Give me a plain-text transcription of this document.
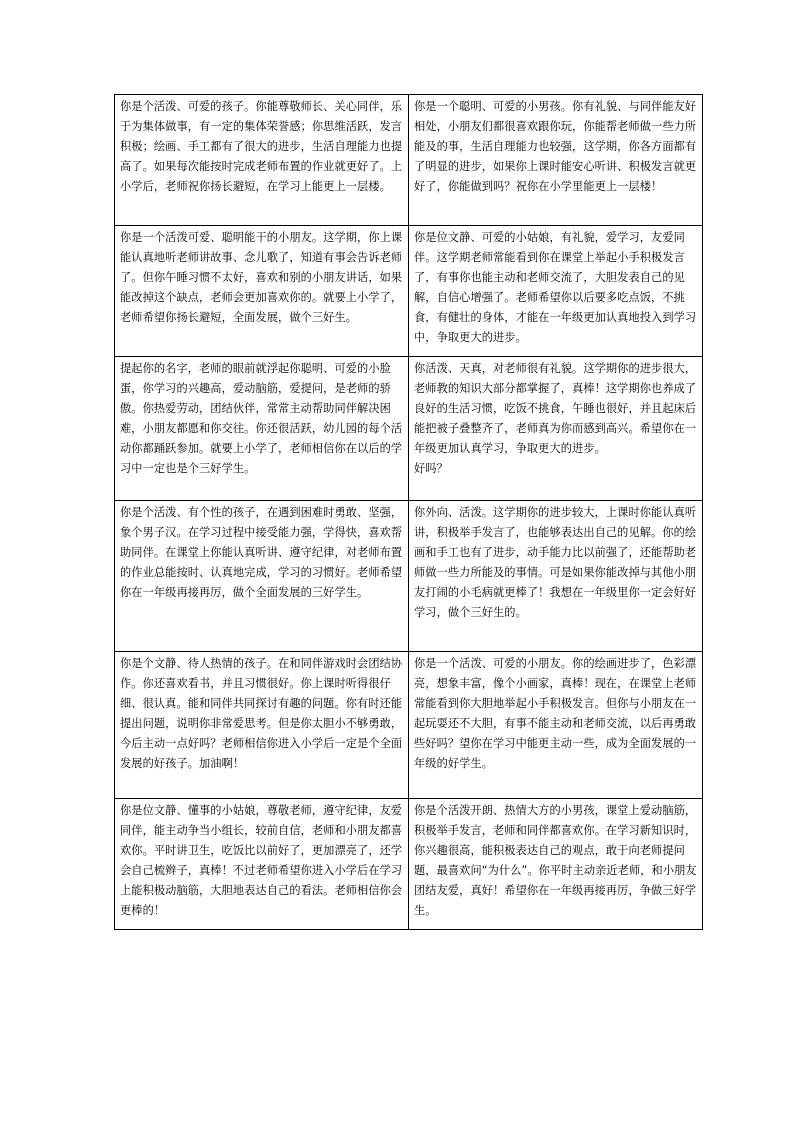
你是个活泼、可爱的孩子。你能尊敬师长、关心同伴，乐于为集体做事，有一定的集体荣誉感；你思维活跃，发言积极；绘画、手工都有了很大的进步，生活自理能力也提高了。如果每次能按时完成老师布置的作业就更好了。上小学后，老师祝你扬长避短，在学习上能更上一层楼。	你是一个聪明、可爱的小男孩。你有礼貌、与同伴能友好相处，小朋友们都很喜欢跟你玩，你能帮老师做一些力所能及的事，生活自理能力也较强，这学期，你各方面都有了明显的进步，如果你上课时能安心听讲、积极发言就更好了，你能做到吗？祝你在小学里能更上一层楼！
你是一个活泼可爱、聪明能干的小朋友。这学期，你上课能认真地听老师讲故事、念儿歌了，知道有事会告诉老师了。但你午睡习惯不太好，喜欢和别的小朋友讲话，如果能改掉这个缺点，老师会更加喜欢你的。就要上小学了，老师希望你扬长避短，全面发展，做个三好生。	你是位文静、可爱的小姑娘，有礼貌，爱学习，友爱同伴。这学期老师常能看到你在课堂上举起小手积极发言了，有事你也能主动和老师交流了，大胆发表自己的见解，自信心增强了。老师希望你以后要多吃点饭，不挑食，有健壮的身体，才能在一年级更加认真地投入到学习中，争取更大的进步。
提起你的名字，老师的眼前就浮起你聪明、可爱的小脸蛋，你学习的兴趣高，爱动脑筋，爱提问，是老师的骄傲。你热爱劳动，团结伙伴，常常主动帮助同伴解决困难，小朋友都愿和你交往。你还很活跃，幼儿园的每个活动你都踊跃参加。就要上小学了，老师相信你在以后的学习中一定也是个三好学生。	你活泼、天真，对老师很有礼貌。这学期你的进步很大，老师教的知识大部分都掌握了，真棒！这学期你也养成了良好的生活习惯，吃饭不挑食，午睡也很好，并且起床后能把被子叠整齐了，老师真为你而感到高兴。希望你在一年级更加认真学习，争取更大的进步。
好吗？

你是个活泼、有个性的孩子，在遇到困难时勇敢、坚强，象个男子汉。在学习过程中接受能力强，学得快，喜欢帮助同伴。在课堂上你能认真听讲、遵守纪律，对老师布置的作业总能按时、认真地完成，学习的习惯好。老师希望你在一年级再接再厉，做个全面发展的三好学生。	你外向、活泼。这学期你的进步较大，上课时你能认真听讲，积极举手发言了，也能够表达出自己的见解。你的绘画和手工也有了进步，动手能力比以前强了，还能帮助老师做一些力所能及的事情。可是如果你能改掉与其他小朋友打闹的小毛病就更棒了！我想在一年级里你一定会好好学习，做个三好生的。
你是个文静、待人热情的孩子。在和同伴游戏时会团结协作。你还喜欢看书，并且习惯很好。你上课时听得很仔细、很认真。能和同伴共同探讨有趣的问题。你有时还能提出问题，说明你非常爱思考。但是你太胆小不够勇敢，今后主动一点好吗？老师相信你进入小学后一定是个全面发展的好孩子。加油啊！	你是一个活泼、可爱的小朋友。你的绘画进步了，色彩漂亮，想象丰富，像个小画家，真棒！现在，在课堂上老师常能看到你大胆地举起小手积极发言。但你与小朋友在一起玩耍还不大胆，有事不能主动和老师交流，以后再勇敢些好吗？望你在学习中能更主动一些，成为全面发展的一年级的好学生。
你是位文静、懂事的小姑娘，尊敬老师，遵守纪律，友爱同伴，能主动争当小组长，较前自信，老师和小朋友都喜欢你。平时讲卫生，吃饭比以前好了，更加漂亮了，还学会自己梳辫子，真棒！不过老师希望你进入小学后在学习上能积极动脑筋，大胆地表达自己的看法。老师相信你会更棒的！	你是个活泼开朗、热情大方的小男孩，课堂上爱动脑筋，积极举手发言，老师和同伴都喜欢你。在学习新知识时，你兴趣很高，能积极表达自己的观点，敢于向老师提问题，最喜欢问“为什么”。你平时主动亲近老师，和小朋友团结友爱，真好！希望你在一年级再接再厉，争做三好学生。
